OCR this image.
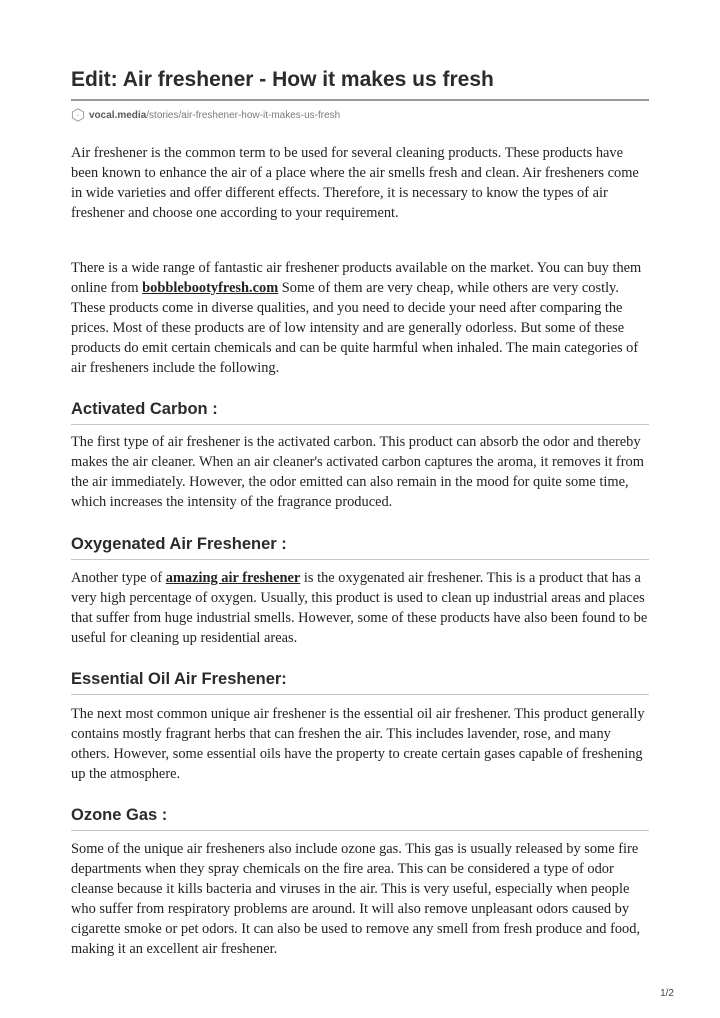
Edit: Air freshener - How it makes us fresh
v vocal.media /stories/air-freshener-how-it-makes-us-fresh

Air freshener is the common term to be used for several cleaning products. These products have been known to enhance the air of a place where the air smells fresh and clean. Air fresheners come in wide varieties and offer different effects. Therefore, it is necessary to know the types of air freshener and choose one according to your requirement.

There is a wide range of fantastic air freshener products available on the market. You can buy them online from bobblebootyfresh.com Some of them are very cheap, while others are very costly. These products come in diverse qualities, and you need to decide your need after comparing the prices. Most of these products are of low intensity and are generally odorless. But some of these products do emit certain chemicals and can be quite harmful when inhaled. The main categories of air fresheners include the following.

Activated Carbon :

The first type of air freshener is the activated carbon. This product can absorb the odor and thereby makes the air cleaner. When an air cleaner's activated carbon captures the aroma, it removes it from the air immediately. However, the odor emitted can also remain in the mood for quite some time, which increases the intensity of the fragrance produced.

Oxygenated Air Freshener :

Another type of amazing air freshener is the oxygenated air freshener. This is a product that has a very high percentage of oxygen. Usually, this product is used to clean up industrial areas and places that suffer from huge industrial smells. However, some of these products have also been found to be useful for cleaning up residential areas.

Essential Oil Air Freshener:

The next most common unique air freshener is the essential oil air freshener. This product generally contains mostly fragrant herbs that can freshen the air. This includes lavender, rose, and many others. However, some essential oils have the property to create certain gases capable of freshening up the atmosphere.

Ozone Gas :

Some of the unique air fresheners also include ozone gas. This gas is usually released by some fire departments when they spray chemicals on the fire area. This can be considered a type of odor cleanse because it kills bacteria and viruses in the air. This is very useful, especially when people who suffer from respiratory problems are around. It will also remove unpleasant odors caused by cigarette smoke or pet odors. It can also be used to remove any smell from fresh produce and food, making it an excellent air freshener.

1/2
